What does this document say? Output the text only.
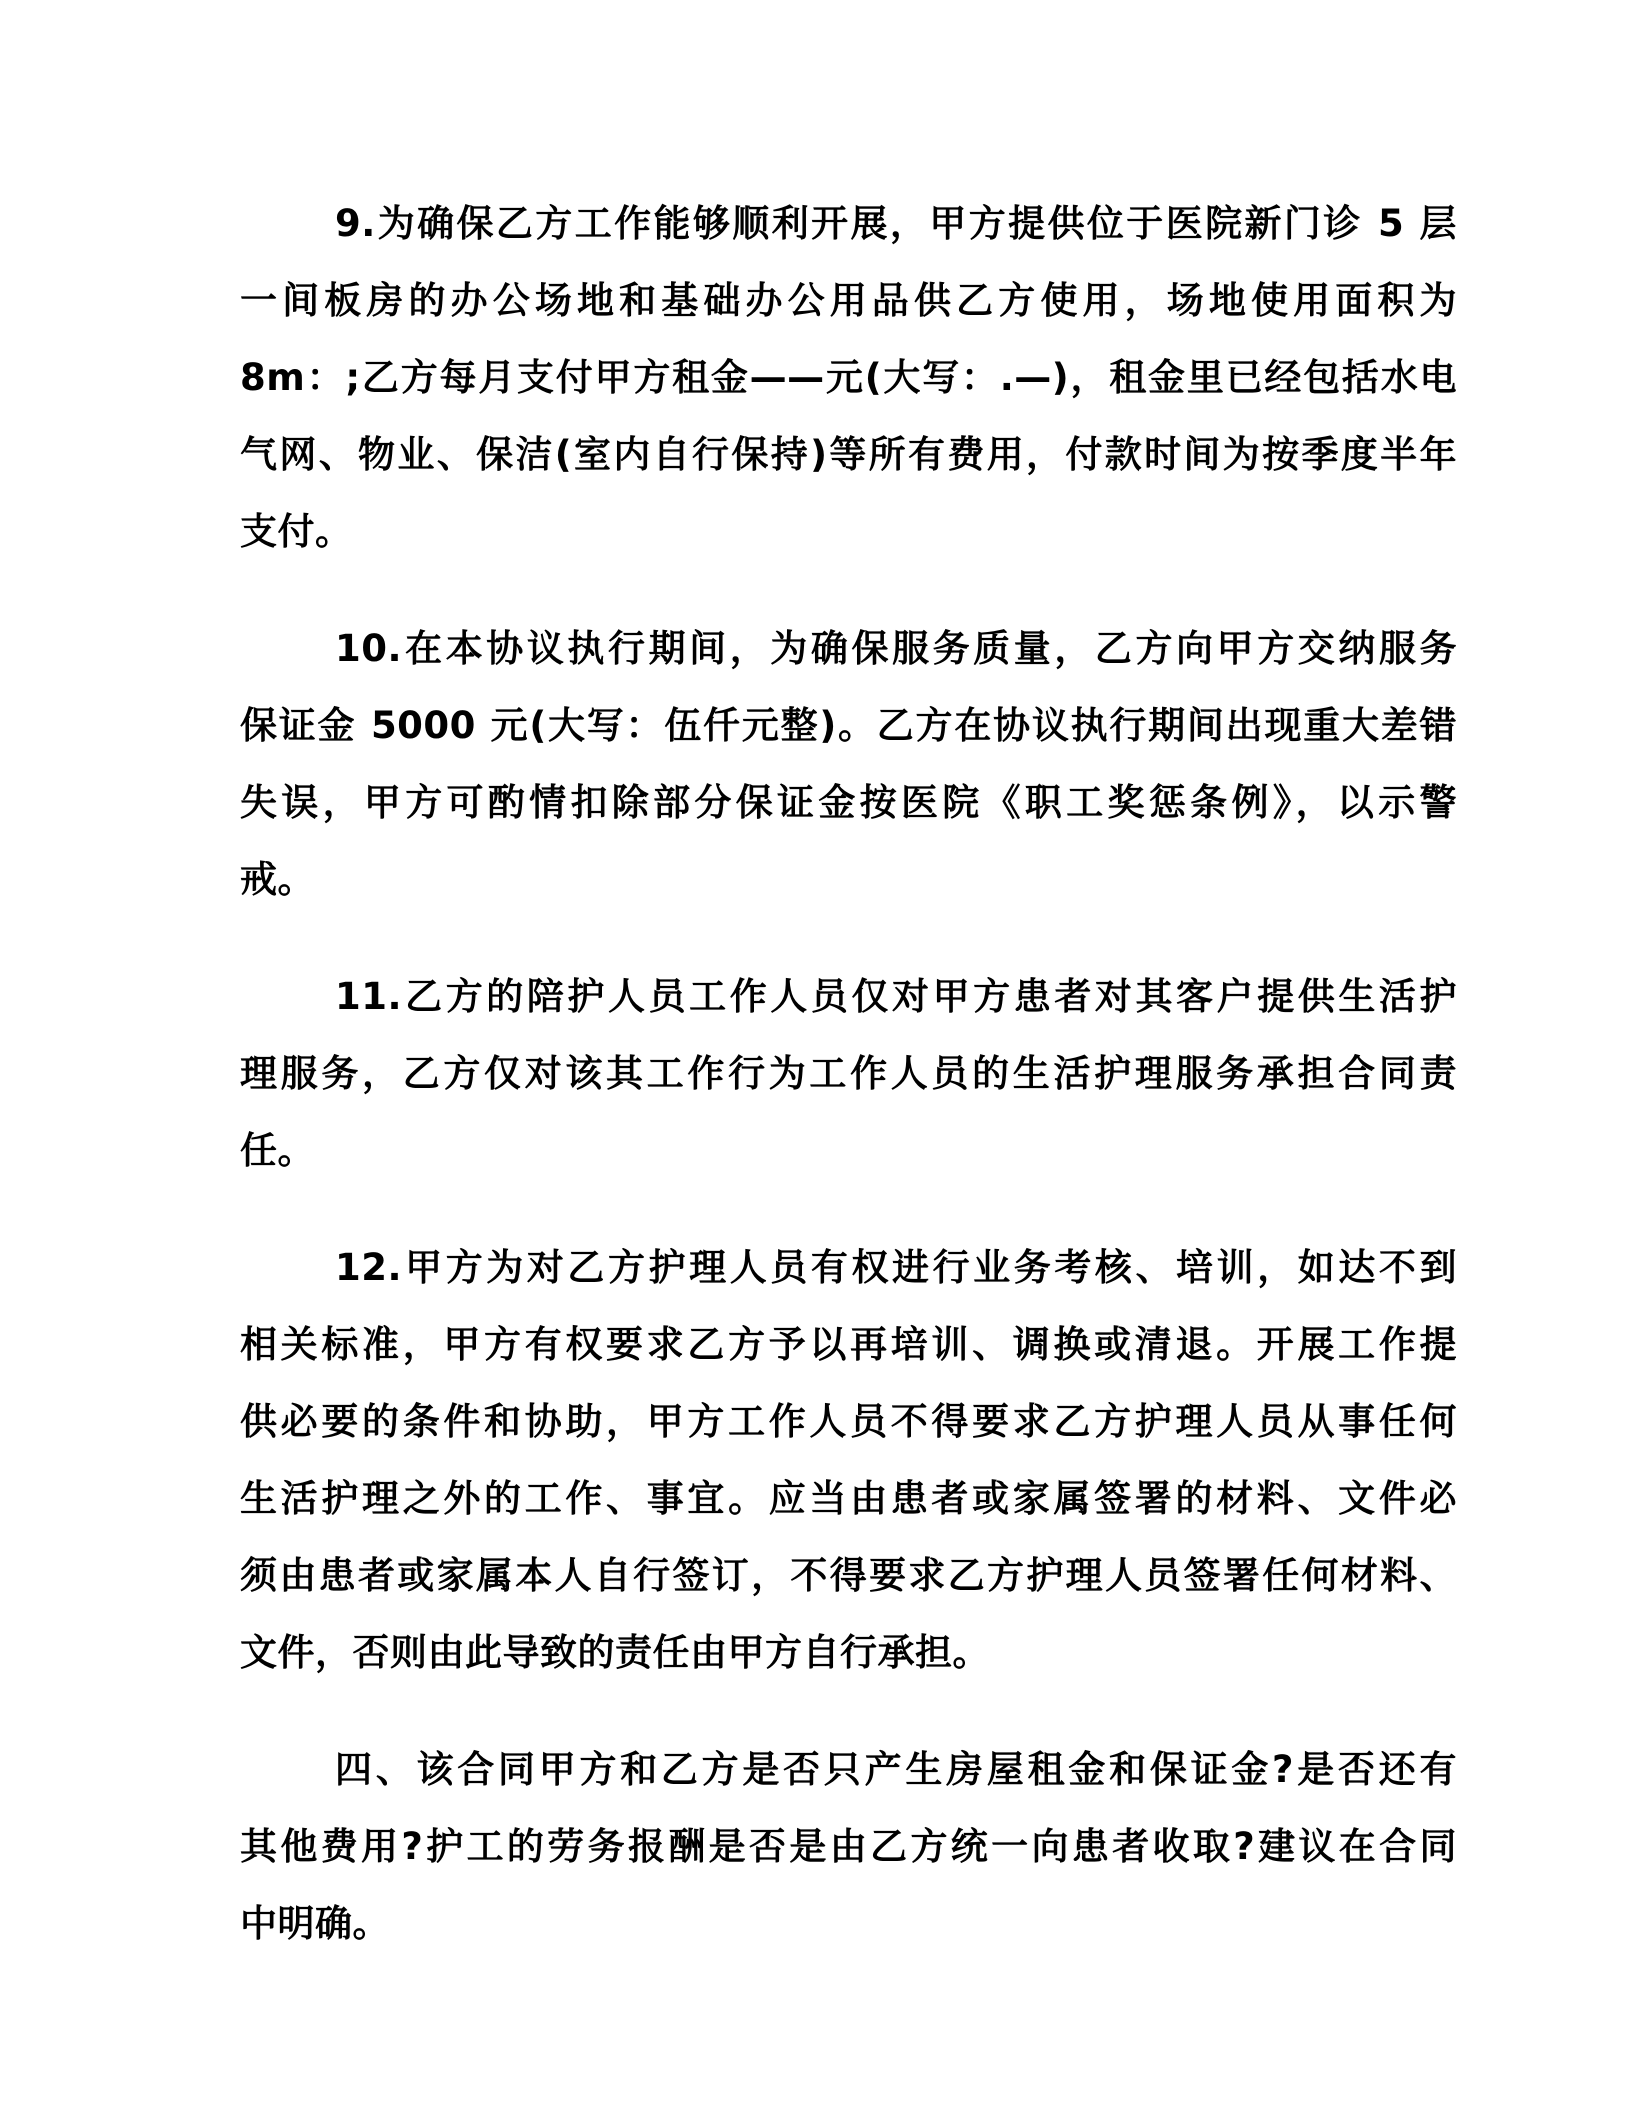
9.为确保乙方工作能够顺利开展，甲方提供位于医院新门诊 5 层
一间板房的办公场地和基础办公用品供乙方使用，场地使用面积为
8m：;乙方每月支付甲方租金——元(大写：.—)，租金里已经包括水电
气网、物业、保洁(室内自行保持)等所有费用，付款时间为按季度半年
支付。
10.在本协议执行期间，为确保服务质量，乙方向甲方交纳服务
保证金 5000 元(大写：伍仟元整)。乙方在协议执行期间出现重大差错
失误，甲方可酌情扣除部分保证金按医院《职工奖惩条例》，以示警
戒。
11.乙方的陪护人员工作人员仅对甲方患者对其客户提供生活护
理服务，乙方仅对该其工作行为工作人员的生活护理服务承担合同责
任。
12.甲方为对乙方护理人员有权进行业务考核、培训，如达不到
相关标准，甲方有权要求乙方予以再培训、调换或清退。开展工作提
供必要的条件和协助，甲方工作人员不得要求乙方护理人员从事任何
生活护理之外的工作、事宜。应当由患者或家属签署的材料、文件必
须由患者或家属本人自行签订，不得要求乙方护理人员签署任何材料、
文件，否则由此导致的责任由甲方自行承担。
四、该合同甲方和乙方是否只产生房屋租金和保证金?是否还有
其他费用?护工的劳务报酬是否是由乙方统一向患者收取?建议在合同
中明确。
